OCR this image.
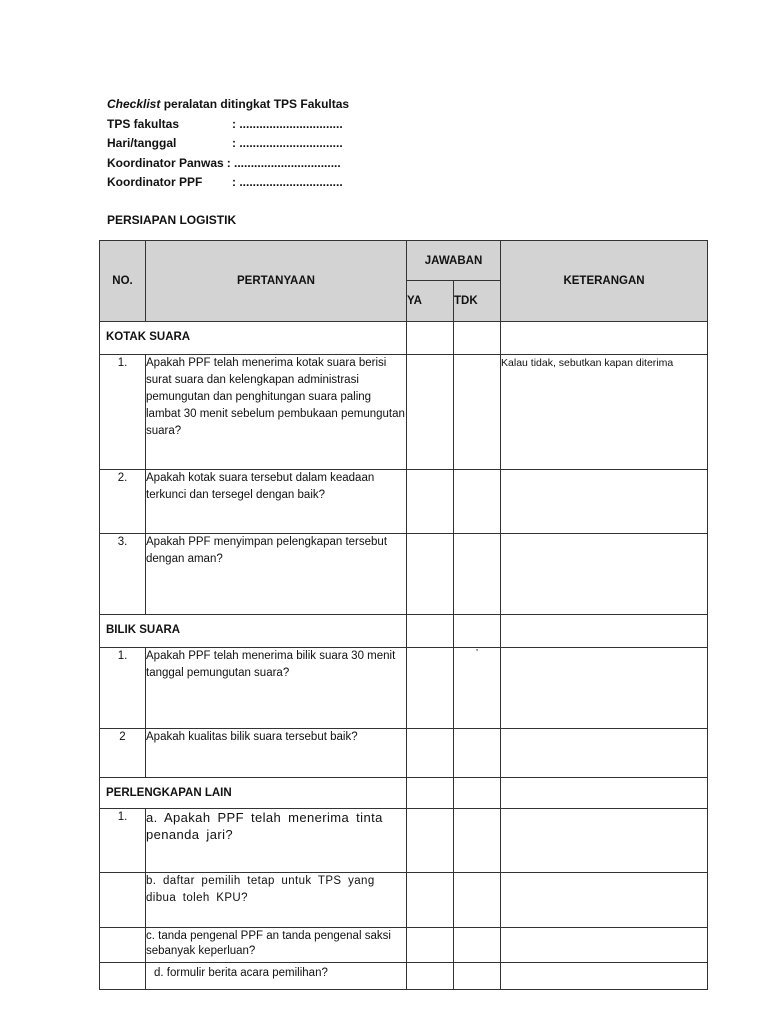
Checklist peralatan ditingkat TPS Fakultas
TPS fakultas	: ...............................
Hari/tanggal	: ...............................
Koordinator Panwas : ................................
Koordinator PPF	: ...............................
PERSIAPAN LOGISTIK
NO.	PERTANYAAN	JAWABAN		KETERANGAN
		YA	TDK	
KOTAK SUARA				
1.	Apakah PPF telah menerima kotak suara berisi surat suara dan kelengkapan administrasi pemungutan dan penghitungan suara paling lambat 30 menit sebelum pembukaan pemungutan suara?			Kalau tidak, sebutkan kapan diterima
2.	Apakah kotak suara tersebut dalam keadaan terkunci dan tersegel dengan baik?			
3.	Apakah PPF menyimpan pelengkapan tersebut dengan aman?			
BILIK SUARA				
1.	Apakah PPF telah menerima bilik suara 30 menit tanggal pemungutan suara?		’	
2	Apakah kualitas bilik suara tersebut baik?			
PERLENGKAPAN LAIN				
1.	a. Apakah PPF telah menerima tinta penanda jari?			
	b. daftar pemilih tetap untuk TPS yang dibua toleh KPU?			
	c. tanda pengenal PPF an tanda pengenal saksi sebanyak keperluan?			
	d. formulir berita acara pemilihan?			
